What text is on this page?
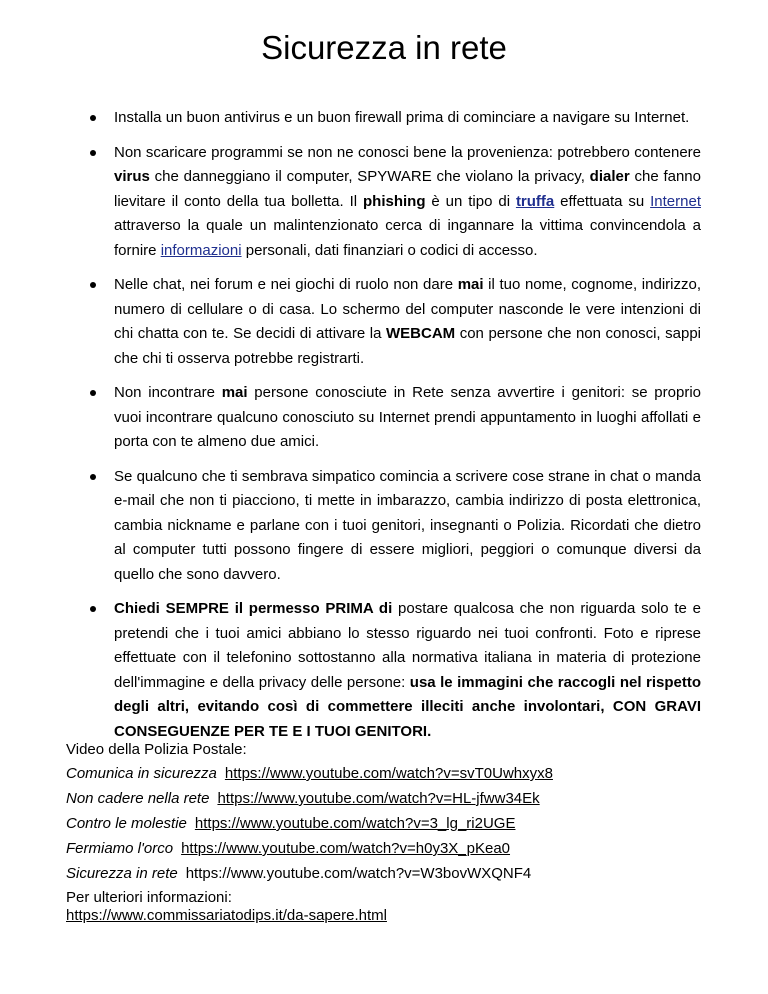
Sicurezza in rete
Installa un buon antivirus e un buon firewall prima di cominciare a navigare su Internet.
Non scaricare programmi se non ne conosci bene la provenienza: potrebbero contenere virus che danneggiano il computer, SPYWARE che violano la privacy, dialer che fanno lievitare il conto della tua bolletta. Il phishing è un tipo di truffa effettuata su Internet attraverso la quale un malintenzionato cerca di ingannare la vittima convincendola a fornire informazioni personali, dati finanziari o codici di accesso.
Nelle chat, nei forum e nei giochi di ruolo non dare mai il tuo nome, cognome, indirizzo, numero di cellulare o di casa. Lo schermo del computer nasconde le vere intenzioni di chi chatta con te. Se decidi di attivare la WEBCAM con persone che non conosci, sappi che chi ti osserva potrebbe registrarti.
Non incontrare mai persone conosciute in Rete senza avvertire i genitori: se proprio vuoi incontrare qualcuno conosciuto su Internet prendi appuntamento in luoghi affollati e porta con te almeno due amici.
Se qualcuno che ti sembrava simpatico comincia a scrivere cose strane in chat o manda e-mail che non ti piacciono, ti mette in imbarazzo, cambia indirizzo di posta elettronica, cambia nickname e parlane con i tuoi genitori, insegnanti o Polizia. Ricordati che dietro al computer tutti possono fingere di essere migliori, peggiori o comunque diversi da quello che sono davvero.
Chiedi SEMPRE il permesso PRIMA di postare qualcosa che non riguarda solo te e pretendi che i tuoi amici abbiano lo stesso riguardo nei tuoi confronti. Foto e riprese effettuate con il telefonino sottostanno alla normativa italiana in materia di protezione dell'immagine e della privacy delle persone: usa le immagini che raccogli nel rispetto degli altri, evitando così di commettere illeciti anche involontari, CON GRAVI CONSEGUENZE PER TE E I TUOI GENITORI.
Video della Polizia Postale:
Comunica in sicurezza https://www.youtube.com/watch?v=svT0Uwhxyx8
Non cadere nella rete https://www.youtube.com/watch?v=HL-jfww34Ek
Contro le molestie https://www.youtube.com/watch?v=3_lg_ri2UGE
Fermiamo l'orco https://www.youtube.com/watch?v=h0y3X_pKea0
Sicurezza in rete https://www.youtube.com/watch?v=W3bovWXQNF4
Per ulteriori informazioni:
https://www.commissariatodips.it/da-sapere.html
